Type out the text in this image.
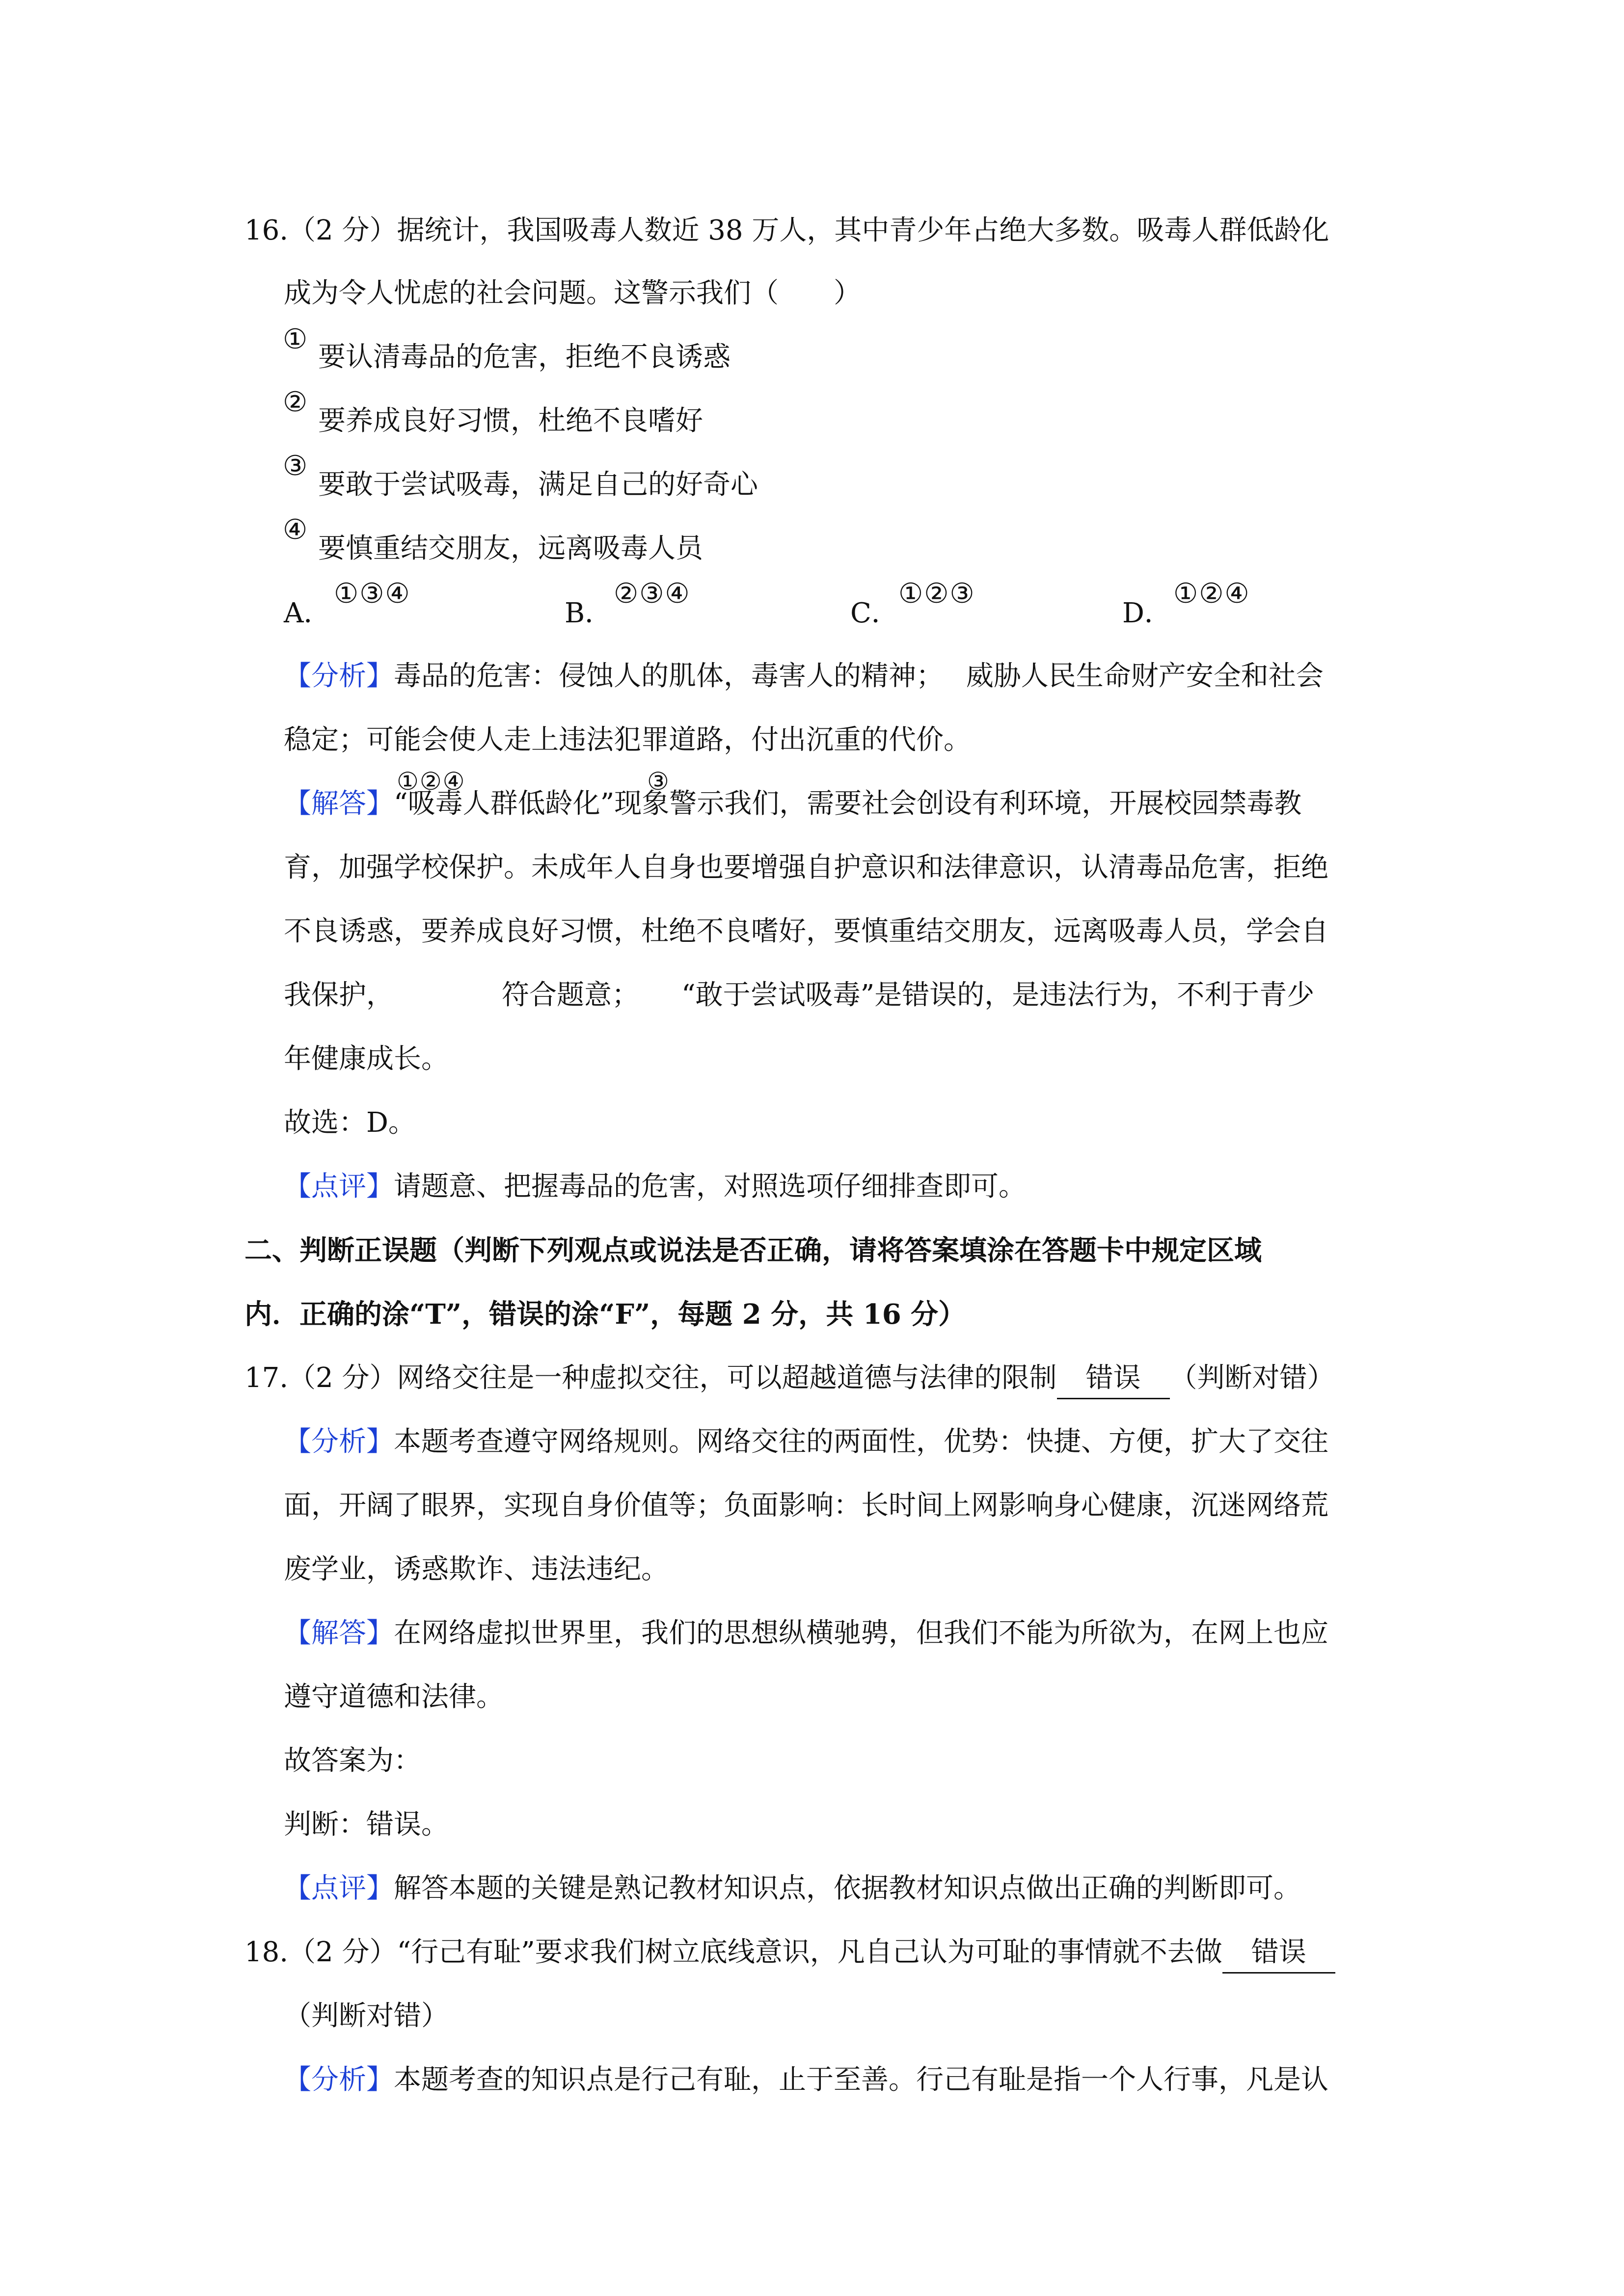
16.（2 分）据统计，我国吸毒人数近 38 万人，其中青少年占绝大多数。吸毒人群低龄化
成为令人忧虑的社会问题。这警示我们（　　）
①
要认清毒品的危害，拒绝不良诱惑
②
要养成良好习惯，杜绝不良嗜好
③
要敢于尝试吸毒，满足自己的好奇心
④
要慎重结交朋友，远离吸毒人员
A．
①③④
B．
②③④
C．
①②③
D．
①②④
【分析】毒品的危害：侵蚀人的肌体，毒害人的精神；　 威胁人民生命财产安全和社会
稳定；可能会使人走上违法犯罪道路，付出沉重的代价。
①②④	③
【解答】“吸毒人群低龄化”现象警示我们，需要社会创设有利环境，开展校园禁毒教
育，加强学校保护。未成年人自身也要增强自护意识和法律意识，认清毒品危害，拒绝
不良诱惑，要养成良好习惯，杜绝不良嗜好，要慎重结交朋友，远离吸毒人员，学会自
我保护，	符合题意； “敢于尝试吸毒”是错误的，是违法行为，不利于青少
年健康成长。
故选：D。
【点评】请题意、把握毒品的危害，对照选项仔细排查即可。
二、判断正误题（判断下列观点或说法是否正确，请将答案填涂在答题卡中规定区域
内．正确的涂“T”，错误的涂“F”，每题 2 分，共 16 分）
17.（2 分）网络交往是一种虚拟交往，可以超越道德与法律的限制 错误 （判断对错）
【分析】本题考查遵守网络规则。网络交往的两面性，优势：快捷、方便，扩大了交往
面，开阔了眼界，实现自身价值等；负面影响：长时间上网影响身心健康，沉迷网络荒
废学业，诱惑欺诈、违法违纪。
【解答】在网络虚拟世界里，我们的思想纵横驰骋，但我们不能为所欲为，在网上也应
遵守道德和法律。
故答案为：
判断：错误。
【点评】解答本题的关键是熟记教材知识点，依据教材知识点做出正确的判断即可。
18.（2 分）“行己有耻”要求我们树立底线意识，凡自己认为可耻的事情就不去做 错误
（判断对错）
【分析】本题考查的知识点是行己有耻，止于至善。行己有耻是指一个人行事，凡是认
